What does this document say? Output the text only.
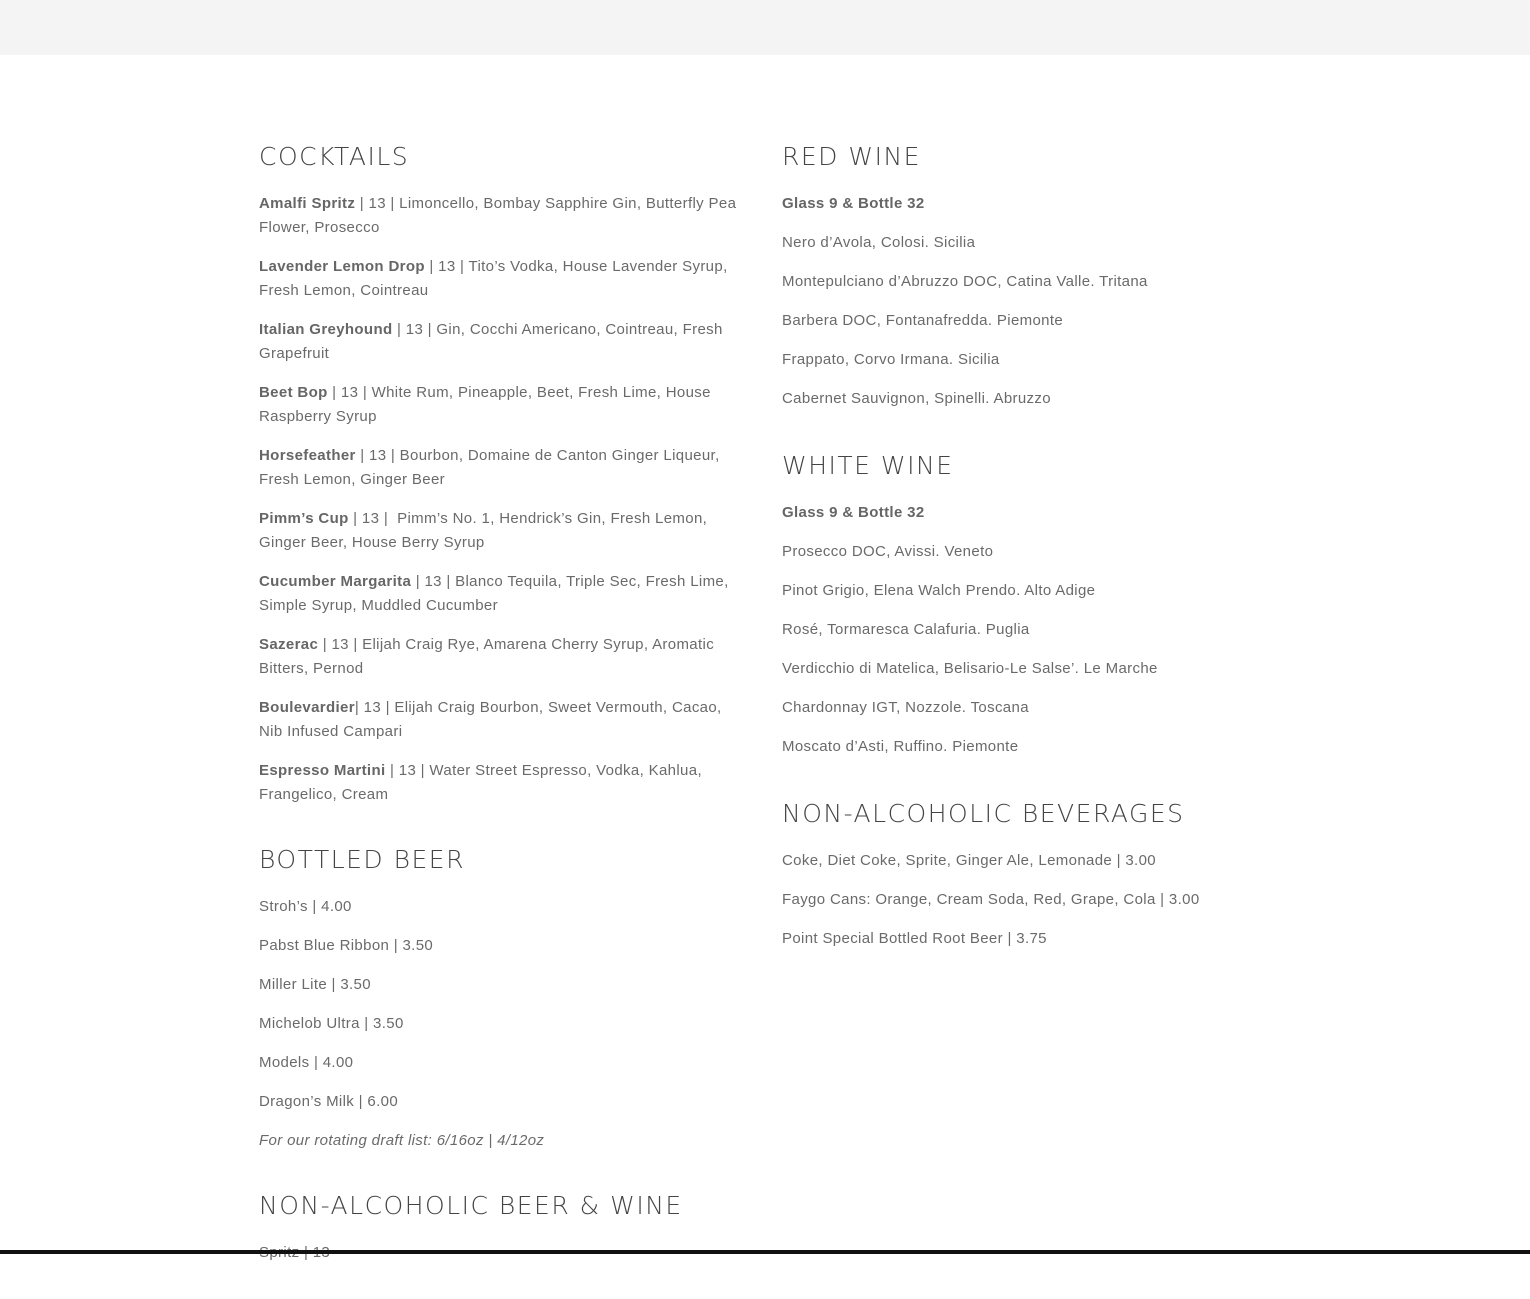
COCKTAILS

Amalfi Spritz | 13 | Limoncello, Bombay Sapphire Gin, Butterfly Pea Flower, Prosecco

Lavender Lemon Drop | 13 | Tito’s Vodka, House Lavender Syrup, Fresh Lemon, Cointreau

Italian Greyhound | 13 | Gin, Cocchi Americano, Cointreau, Fresh Grapefruit

Beet Bop | 13 | White Rum, Pineapple, Beet, Fresh Lime, House Raspberry Syrup

Horsefeather | 13 | Bourbon, Domaine de Canton Ginger Liqueur, Fresh Lemon, Ginger Beer

Pimm’s Cup | 13 |  Pimm’s No. 1, Hendrick’s Gin, Fresh Lemon, Ginger Beer, House Berry Syrup

Cucumber Margarita | 13 | Blanco Tequila, Triple Sec, Fresh Lime, Simple Syrup, Muddled Cucumber

Sazerac | 13 | Elijah Craig Rye, Amarena Cherry Syrup, Aromatic Bitters, Pernod

Boulevardier| 13 | Elijah Craig Bourbon, Sweet Vermouth, Cacao, Nib Infused Campari

Espresso Martini | 13 | Water Street Espresso, Vodka, Kahlua, Frangelico, Cream

BOTTLED BEER

Stroh’s | 4.00

Pabst Blue Ribbon | 3.50

Miller Lite | 3.50

Michelob Ultra | 3.50

Models | 4.00

Dragon’s Milk | 6.00

For our rotating draft list: 6/16oz | 4/12oz

NON-ALCOHOLIC BEER & WINE

RED WINE

Glass 9 & Bottle 32

Nero d’Avola, Colosi. Sicilia

Montepulciano d’Abruzzo DOC, Catina Valle. Tritana

Barbera DOC, Fontanafredda. Piemonte

Frappato, Corvo Irmana. Sicilia

Cabernet Sauvignon, Spinelli. Abruzzo

WHITE WINE

Glass 9 & Bottle 32

Prosecco DOC, Avissi. Veneto

Pinot Grigio, Elena Walch Prendo. Alto Adige

Rosé, Tormaresca Calafuria. Puglia

Verdicchio di Matelica, Belisario-Le Salse’. Le Marche

Chardonnay IGT, Nozzole. Toscana

Moscato d’Asti, Ruffino. Piemonte

NON-ALCOHOLIC BEVERAGES

Coke, Diet Coke, Sprite, Ginger Ale, Lemonade | 3.00

Faygo Cans: Orange, Cream Soda, Red, Grape, Cola | 3.00

Point Special Bottled Root Beer | 3.75
